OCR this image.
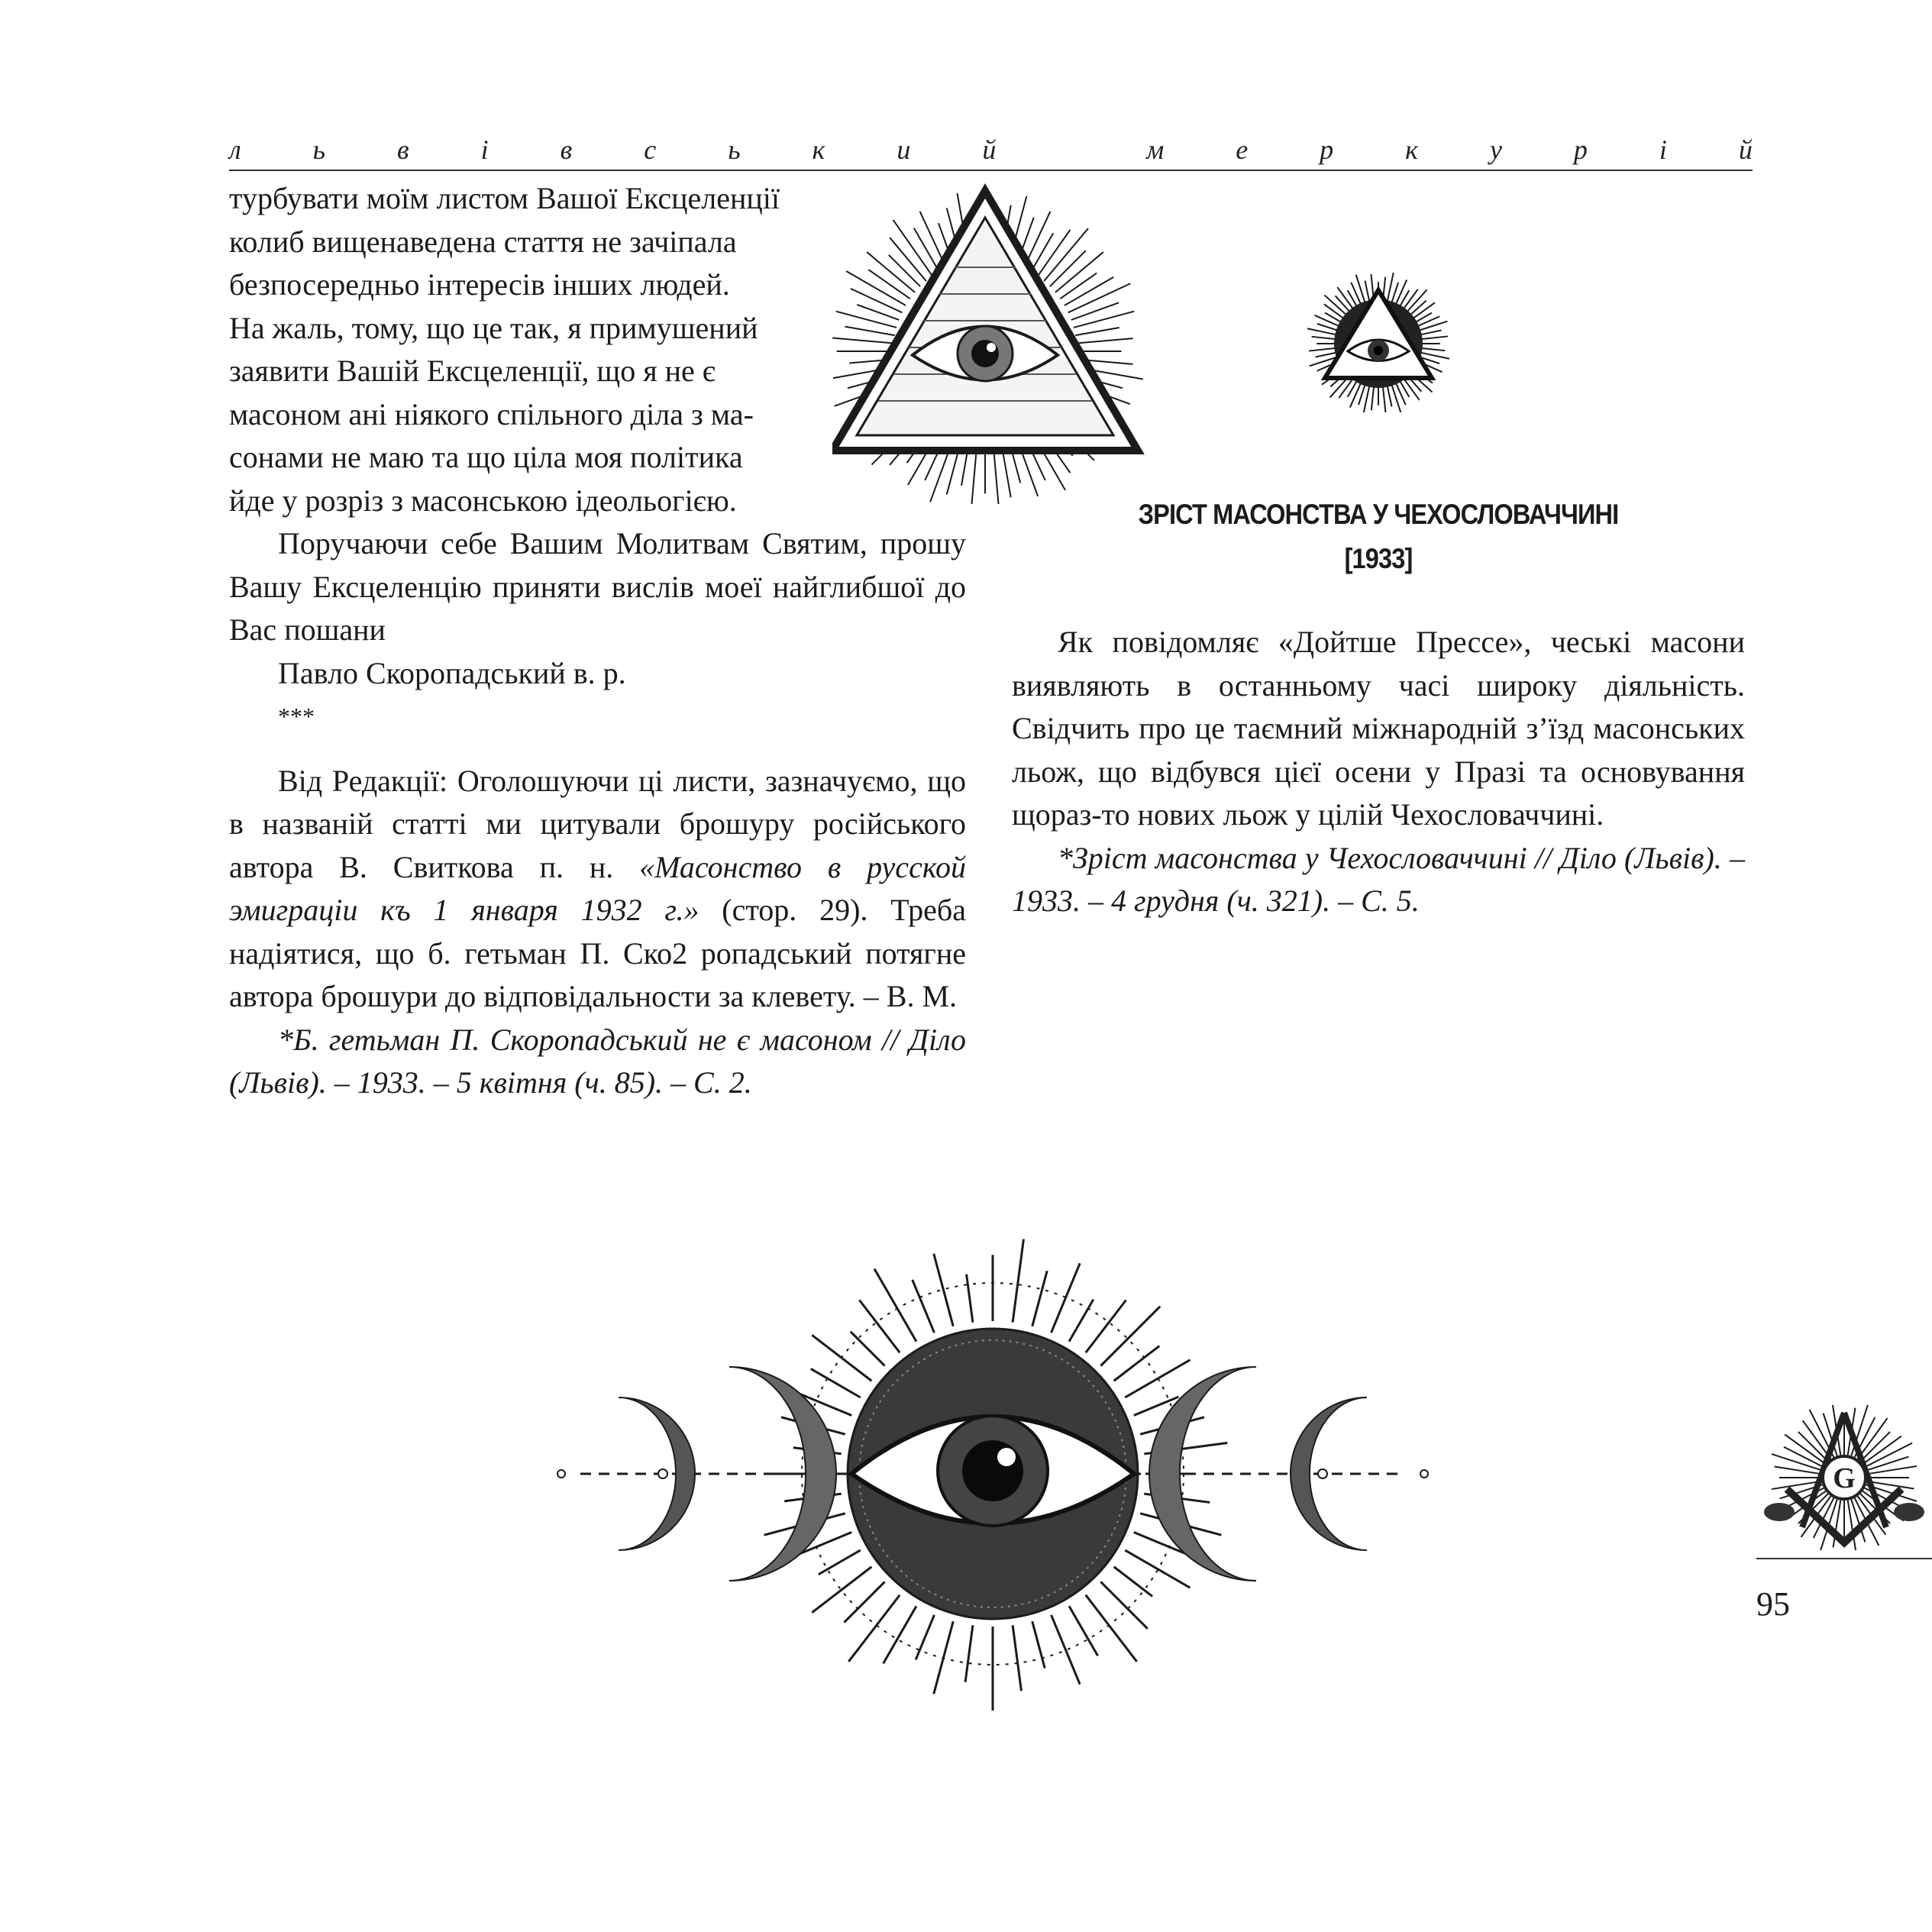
л	ь	в	і	в	с	ь	к	и	й
	м	е	р	к	у	р	і	й

турбувати моїм листом Вашої Ексцеленції

колиб вищенаведена стаття не зачіпала

безпосередньо інтересів інших людей.

На жаль, тому, що це так, я примушений

заявити Вашій Ексцеленції, що я не є

масоном ані ніякого спільного діла з ма-

сонами не маю та що ціла моя політика

йде у розріз з масонською ідеольогією.

Поручаючи себе Вашим Молитвам Святим, прошу Вашу Ексцеленцію приняти вислів моеї найглибшої до Вас пошани

Павло Скоропадський в. р.

***

Від Редакції: Оголошуючи ці листи, зазначуємо, що в названій статті ми цитували брошуру російського автора В. Свиткова п. н. «Масонство в русской эмиграціи къ 1 января 1932 г.» (стор. 29). Треба надіятися, що б. гетьман П. Ско2 ропадський потягне автора брошури до відповідальности за клевету. – В. М.

*Б. гетьман П. Скоропадський не є масоном // Діло (Львів). – 1933. – 5 квітня (ч. 85). – С. 2.

ЗРІСТ МАСОНСТВА У ЧЕХОСЛОВАЧЧИНІ

[1933]

Як повідомляє «Дойтше Прессе», чеські масони виявляють в останньому часі широку діяльність. Свідчить про це таємний міжнародній з’їзд масонських льож, що відбувся цієї осени у Празі та основування щораз-то нових льож у цілій Чехословаччині.

*Зріст масонства у Чехословаччині // Діло (Львів). – 1933. – 4 грудня (ч. 321). – С. 5.

G
95
